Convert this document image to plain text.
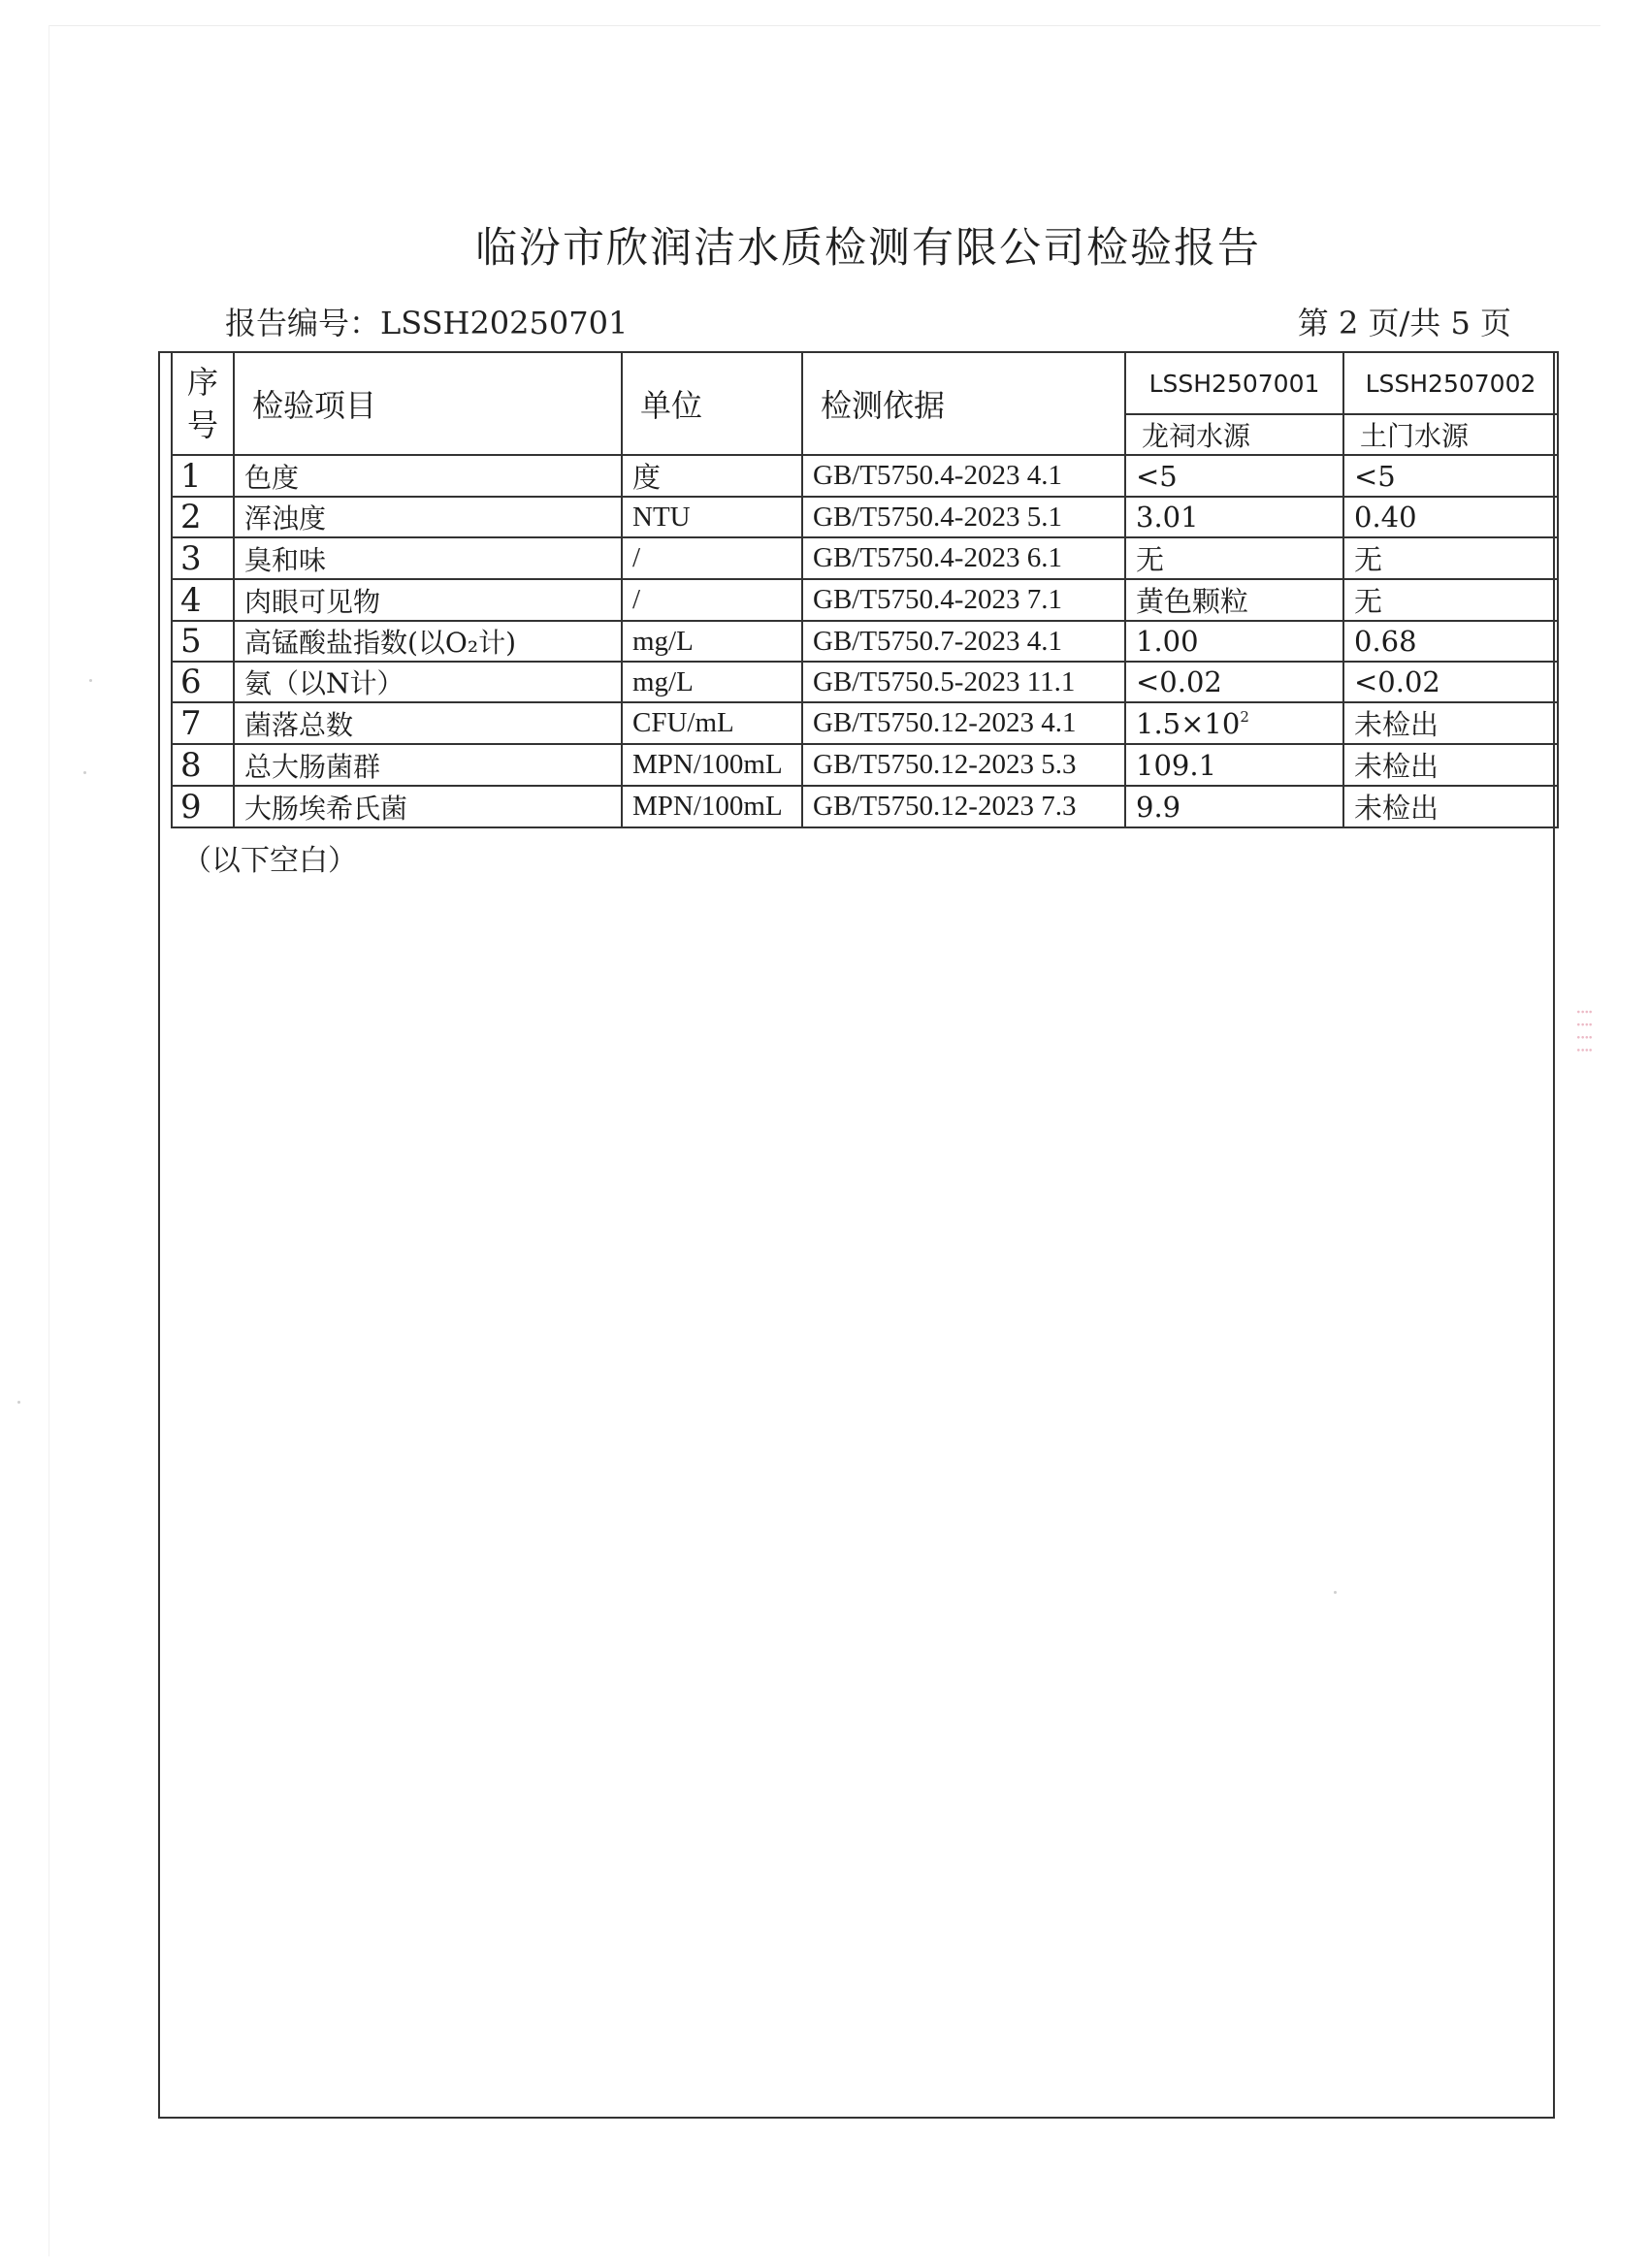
临汾市欣润洁水质检测有限公司检验报告
报告编号：LSSH20250701	第 2 页/共 5 页
序号	检验项目	单位	检测依据	LSSH2507001	LSSH2507002
				龙祠水源	土门水源
1	色度	度	GB/T5750.4-2023 4.1	<5	<5
2	浑浊度	NTU	GB/T5750.4-2023 5.1	3.01	0.40
3	臭和味	/	GB/T5750.4-2023 6.1	无	无
4	肉眼可见物	/	GB/T5750.4-2023 7.1	黄色颗粒	无
5	高锰酸盐指数(以O₂计)	mg/L	GB/T5750.7-2023 4.1	1.00	0.68
6	氨（以N计）	mg/L	GB/T5750.5-2023 11.1	<0.02	<0.02
7	菌落总数	CFU/mL	GB/T5750.12-2023 4.1	$1.5\times 10^2$	未检出
8	总大肠菌群	MPN/100mL	GB/T5750.12-2023 5.3	109.1	未检出
9	大肠埃希氏菌	MPN/100mL	GB/T5750.12-2023 7.3	9.9	未检出
（以下空白）
⁞ ⁞ ⁞ ⁞
